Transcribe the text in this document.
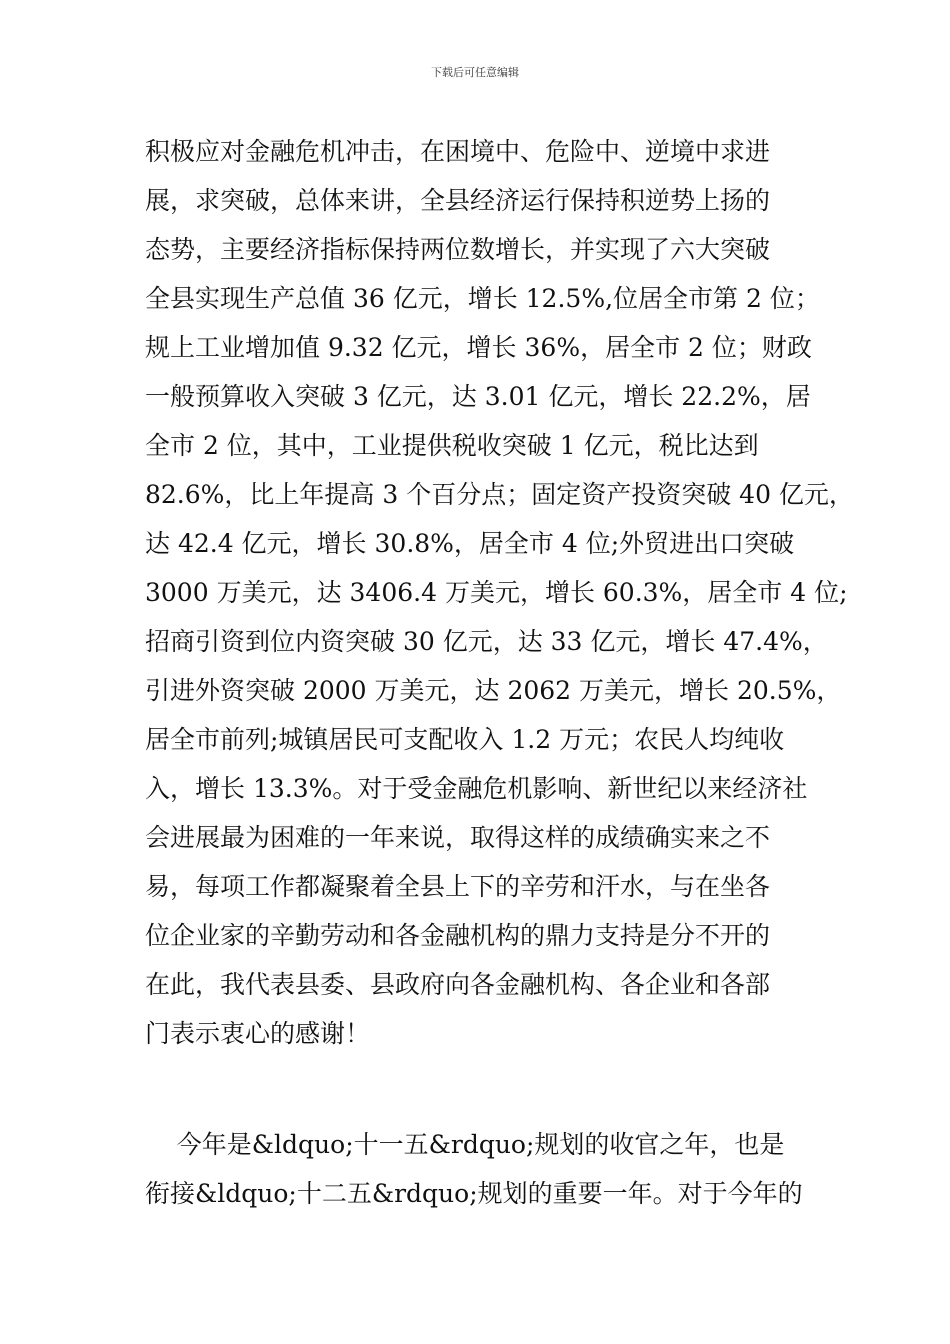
下载后可任意编辑
积极应对金融危机冲击，在困境中、危险中、逆境中求进
展，求突破，总体来讲，全县经济运行保持积逆势上扬的
态势，主要经济指标保持两位数增长，并实现了六大突破
全县实现生产总值 36 亿元，增长 12.5%,位居全市第 2 位；
规上工业增加值 9.32 亿元，增长 36%，居全市 2 位；财政
一般预算收入突破 3 亿元，达 3.01 亿元，增长 22.2%，居
全市 2 位，其中，工业提供税收突破 1 亿元，税比达到
82.6%，比上年提高 3 个百分点；固定资产投资突破 40 亿元，
达 42.4 亿元，增长 30.8%，居全市 4 位;外贸进出口突破
3000 万美元，达 3406.4 万美元，增长 60.3%，居全市 4 位;
招商引资到位内资突破 30 亿元，达 33 亿元，增长 47.4%，
引进外资突破 2000 万美元，达 2062 万美元，增长 20.5%，
居全市前列;城镇居民可支配收入 1.2 万元；农民人均纯收
入，增长 13.3%。对于受金融危机影响、新世纪以来经济社
会进展最为困难的一年来说，取得这样的成绩确实来之不
易，每项工作都凝聚着全县上下的辛劳和汗水，与在坐各
位企业家的辛勤劳动和各金融机构的鼎力支持是分不开的
在此，我代表县委、县政府向各金融机构、各企业和各部
门表示衷心的感谢！
今年是&ldquo;十一五&rdquo;规划的收官之年，也是
衔接&ldquo;十二五&rdquo;规划的重要一年。对于今年的
